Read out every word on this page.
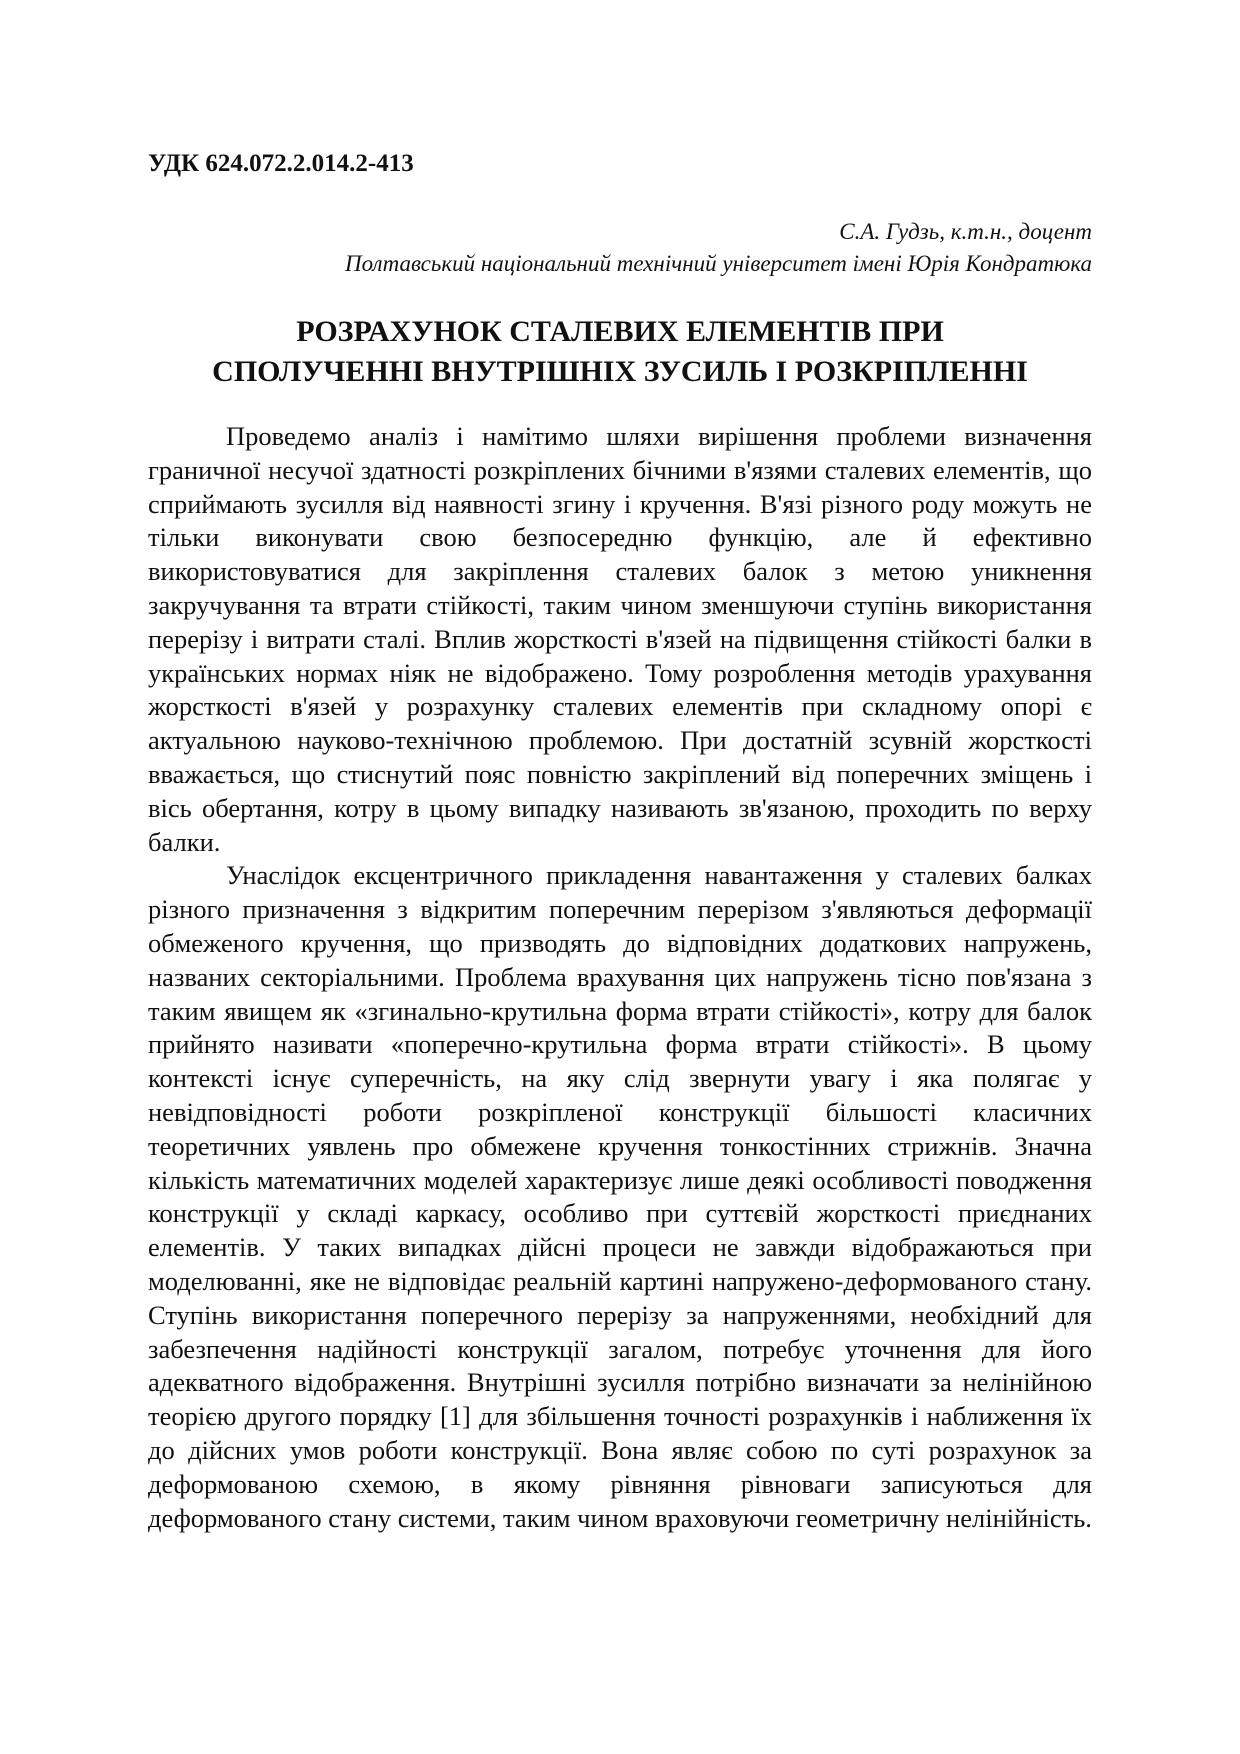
УДК 624.072.2.014.2-413
С.А. Гудзь, к.т.н., доцент
Полтавський національний технічний університет імені Юрія Кондратюка
РОЗРАХУНОК СТАЛЕВИХ ЕЛЕМЕНТІВ ПРИ
СПОЛУЧЕННІ ВНУТРІШНІХ ЗУСИЛЬ І РОЗКРІПЛЕННІ

Проведемо аналіз і намітимо шляхи вирішення проблеми визначення граничної несучої здатності розкріплених бічними в'язями сталевих елементів, що сприймають зусилля від наявності згину і кручення. В'язі різного роду можуть не тільки виконувати свою безпосередню функцію, але й ефективно використовуватися для закріплення сталевих балок з метою уникнення закручування та втрати стійкості, таким чином зменшуючи ступінь використання перерізу і витрати сталі. Вплив жорсткості в'язей на підвищення стійкості балки в українських нормах ніяк не відображено. Тому розроблення методів урахування жорсткості в'язей у розрахунку сталевих елементів при складному опорі є актуальною науково-технічною проблемою. При достатній зсувній жорсткості вважається, що стиснутий пояс повністю закріплений від поперечних зміщень і вісь обертання, котру в цьому випадку називають зв'язаною, проходить по верху балки.

Унаслідок ексцентричного прикладення навантаження у сталевих балках різного призначення з відкритим поперечним перерізом з'являються деформації обмеженого кручення, що призводять до відповідних додаткових напружень, названих секторіальними. Проблема врахування цих напружень тісно пов'язана з таким явищем як «згинально-крутильна форма втрати стійкості», котру для балок прийнято називати «поперечно-крутильна форма втрати стійкості». В цьому контексті існує суперечність, на яку слід звернути увагу і яка полягає у невідповідності роботи розкріпленої конструкції більшості класичних теоретичних уявлень про обмежене кручення тонкостінних стрижнів. Значна кількість математичних моделей характеризує лише деякі особливості поводження конструкції у складі каркасу, особливо при суттєвій жорсткості приєднаних елементів. У таких випадках дійсні процеси не завжди відображаються при моделюванні, яке не відповідає реальній картині напружено-деформованого стану. Ступінь використання поперечного перерізу за напруженнями, необхідний для забезпечення надійності конструкції загалом, потребує уточнення для його адекватного відображення. Внутрішні зусилля потрібно визначати за нелінійною теорією другого порядку [1] для збільшення точності розрахунків і наближення їх до дійсних умов роботи конструкції. Вона являє собою по суті розрахунок за деформованою схемою, в якому рівняння рівноваги записуються для деформованого стану системи, таким чином враховуючи геометричну нелінійність.
